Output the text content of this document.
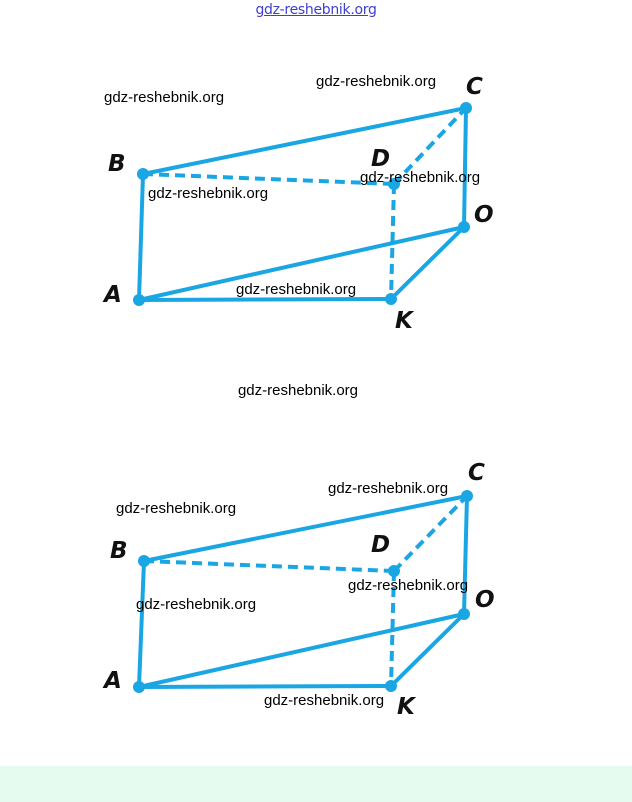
gdz-reshebnik.org
A
B
C
D
O
K
gdz-reshebnik.org
gdz-reshebnik.org
gdz-reshebnik.org
gdz-reshebnik.org
gdz-reshebnik.org
gdz-reshebnik.org
A
B
C
D
O
K
gdz-reshebnik.org
gdz-reshebnik.org
gdz-reshebnik.org
gdz-reshebnik.org
gdz-reshebnik.org
